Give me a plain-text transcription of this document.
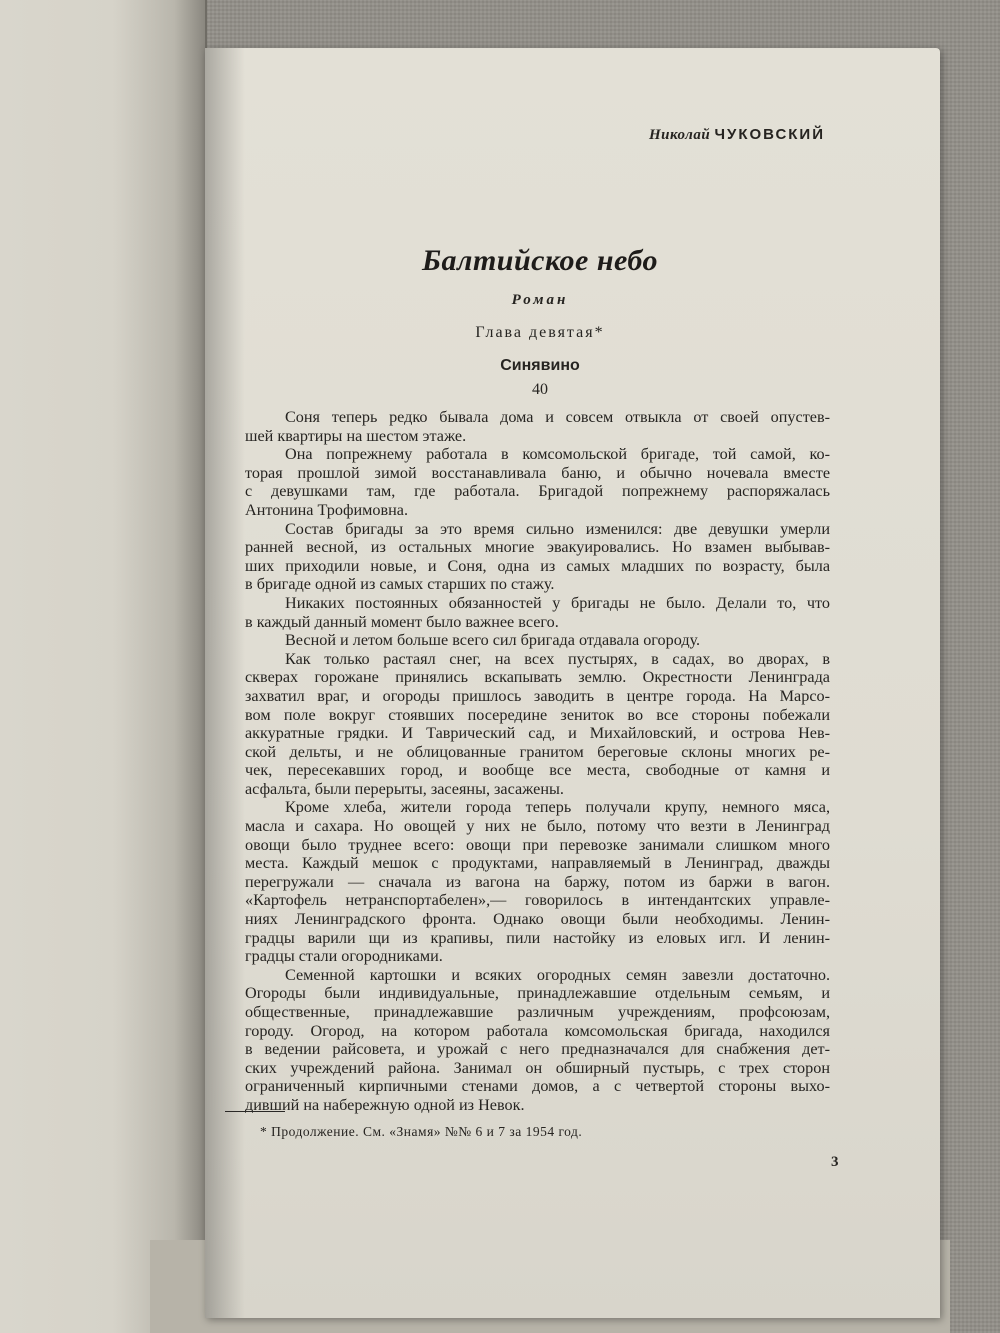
Николай ЧУКОВСКИЙ
Балтийское небо
Роман
Глава девятая*
Синявино
40
Соня теперь редко бывала дома и совсем отвыкла от своей опустев-
шей квартиры на шестом этаже.
Она попрежнему работала в комсомольской бригаде, той самой, ко-
торая прошлой зимой восстанавливала баню, и обычно ночевала вместе
с девушками там, где работала. Бригадой попрежнему распоряжалась
Антонина Трофимовна.
Состав бригады за это время сильно изменился: две девушки умерли
ранней весной, из остальных многие эвакуировались. Но взамен выбывав-
ших приходили новые, и Соня, одна из самых младших по возрасту, была
в бригаде одной из самых старших по стажу.
Никаких постоянных обязанностей у бригады не было. Делали то, что
в каждый данный момент было важнее всего.
Весной и летом больше всего сил бригада отдавала огороду.
Как только растаял снег, на всех пустырях, в садах, во дворах, в
скверах горожане принялись вскапывать землю. Окрестности Ленинграда
захватил враг, и огороды пришлось заводить в центре города. На Марсо-
вом поле вокруг стоявших посередине зениток во все стороны побежали
аккуратные грядки. И Таврический сад, и Михайловский, и острова Нев-
ской дельты, и не облицованные гранитом береговые склоны многих ре-
чек, пересекавших город, и вообще все места, свободные от камня и
асфальта, были перерыты, засеяны, засажены.
Кроме хлеба, жители города теперь получали крупу, немного мяса,
масла и сахара. Но овощей у них не было, потому что везти в Ленинград
овощи было труднее всего: овощи при перевозке занимали слишком много
места. Каждый мешок с продуктами, направляемый в Ленинград, дважды
перегружали — сначала из вагона на баржу, потом из баржи в вагон.
«Картофель нетранспортабелен»,— говорилось в интендантских управле-
ниях Ленинградского фронта. Однако овощи были необходимы. Ленин-
градцы варили щи из крапивы, пили настойку из еловых игл. И ленин-
градцы стали огородниками.
Семенной картошки и всяких огородных семян завезли достаточно.
Огороды были индивидуальные, принадлежавшие отдельным семьям, и
общественные, принадлежавшие различным учреждениям, профсоюзам,
городу. Огород, на котором работала комсомольская бригада, находился
в ведении райсовета, и урожай с него предназначался для снабжения дет-
ских учреждений района. Занимал он обширный пустырь, с трех сторон
ограниченный кирпичными стенами домов, а с четвертой стороны выхо-
дивший на набережную одной из Невок.
* Продолжение. См. «Знамя» №№ 6 и 7 за 1954 год.
3
